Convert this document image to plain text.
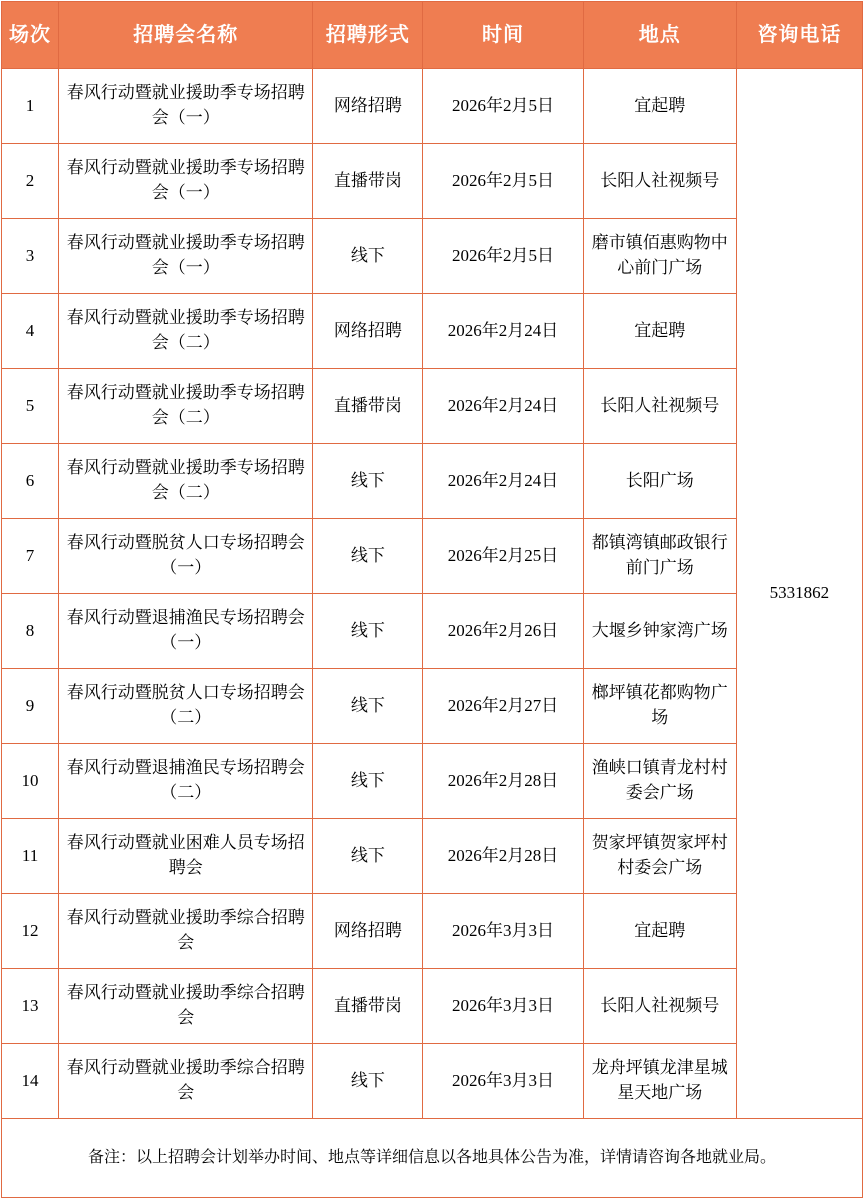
场次	招聘会名称	招聘形式	时间	地点	咨询电话
1	春风行动暨就业援助季专场招聘会（一）	网络招聘	2026年2月5日	宜起聘	5331862
2	春风行动暨就业援助季专场招聘会（一）	直播带岗	2026年2月5日	长阳人社视频号	
3	春风行动暨就业援助季专场招聘会（一）	线下	2026年2月5日	磨市镇佰惠购物中心前门广场	
4	春风行动暨就业援助季专场招聘会（二）	网络招聘	2026年2月24日	宜起聘	
5	春风行动暨就业援助季专场招聘会（二）	直播带岗	2026年2月24日	长阳人社视频号	
6	春风行动暨就业援助季专场招聘会（二）	线下	2026年2月24日	长阳广场	
7	春风行动暨脱贫人口专场招聘会（一）	线下	2026年2月25日	都镇湾镇邮政银行前门广场	
8	春风行动暨退捕渔民专场招聘会（一）	线下	2026年2月26日	大堰乡钟家湾广场	
9	春风行动暨脱贫人口专场招聘会（二）	线下	2026年2月27日	榔坪镇花都购物广场	
10	春风行动暨退捕渔民专场招聘会（二）	线下	2026年2月28日	渔峡口镇青龙村村委会广场	
11	春风行动暨就业困难人员专场招聘会	线下	2026年2月28日	贺家坪镇贺家坪村村委会广场	
12	春风行动暨就业援助季综合招聘会	网络招聘	2026年3月3日	宜起聘	
13	春风行动暨就业援助季综合招聘会	直播带岗	2026年3月3日	长阳人社视频号	
14	春风行动暨就业援助季综合招聘会	线下	2026年3月3日	龙舟坪镇龙津星城星天地广场	
备注：以上招聘会计划举办时间、地点等详细信息以各地具体公告为准，详情请咨询各地就业局。					
